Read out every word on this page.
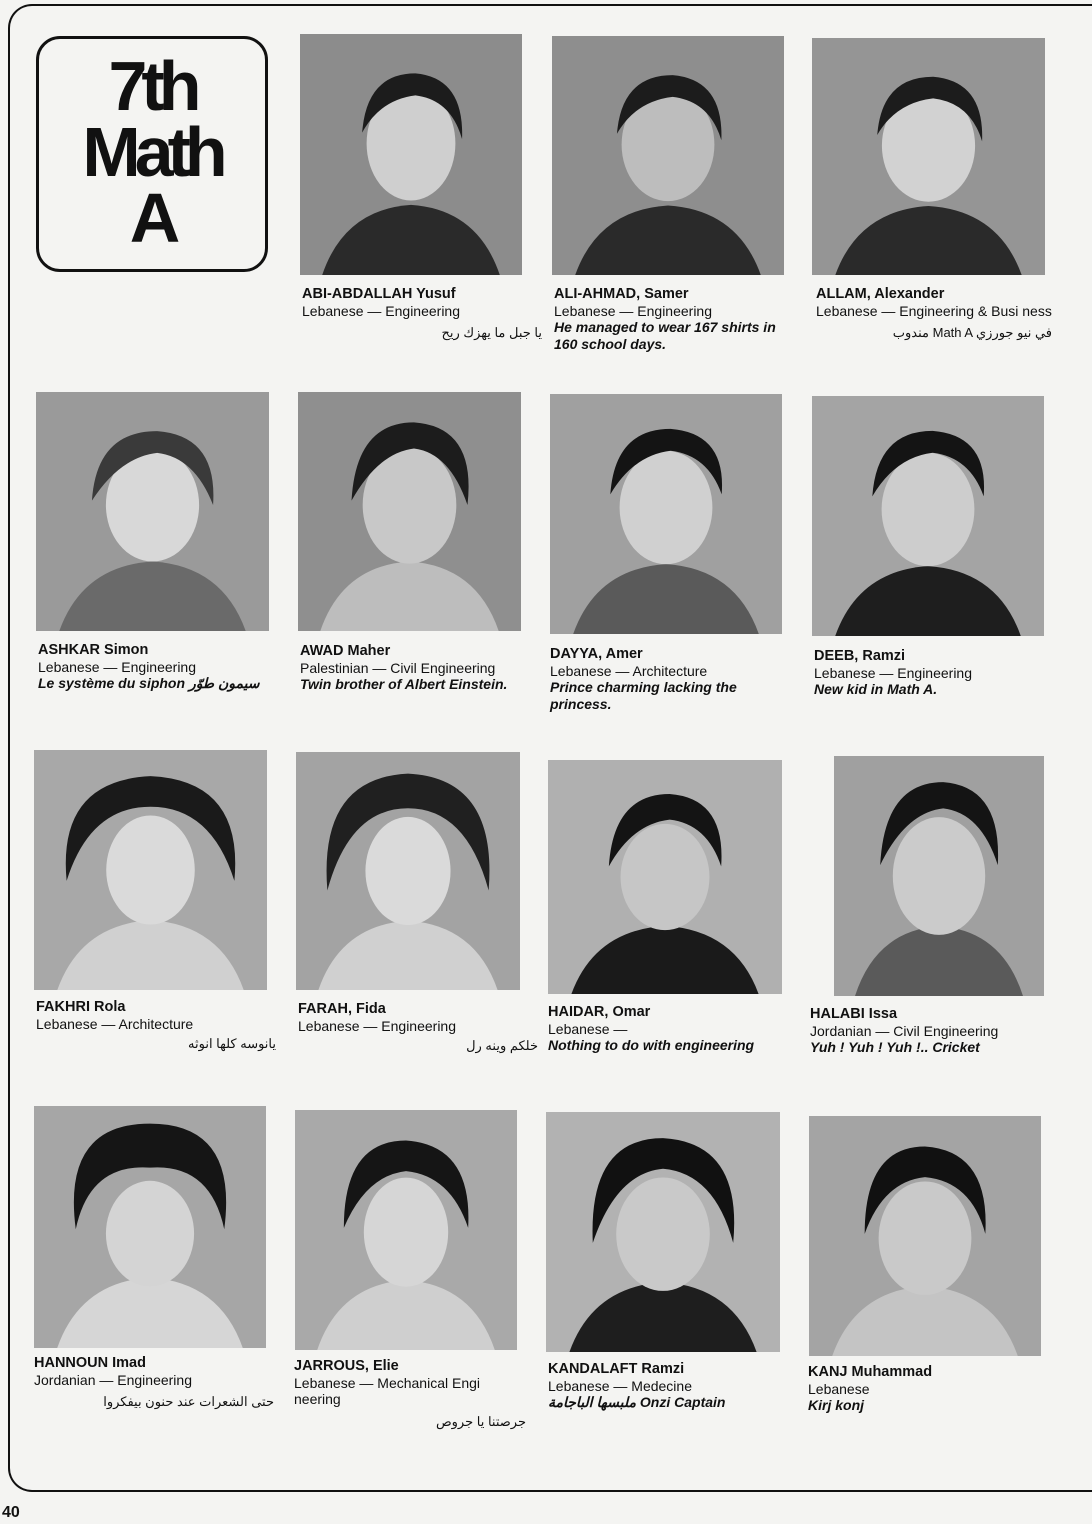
7th
Math
A
ABI-ABDALLAH Yusuf
Lebanese — Engineering
يا جبل ما يهزك ريح
ALI-AHMAD, Samer
Lebanese — Engineering
He managed to wear 167 shirts in 160 school days.
ALLAM, Alexander
Lebanese — Engineering & Busi ness
مندوب Math A في نيو جورزي
ASHKAR Simon
Lebanese — Engineering
Le système du siphon سيمون طوّر
AWAD Maher
Palestinian — Civil Engineering
Twin brother of Albert Einstein.
DAYYA, Amer
Lebanese — Architecture
Prince charming lacking the princess.
DEEB, Ramzi
Lebanese — Engineering
New kid in Math A.
FAKHRI Rola
Lebanese — Architecture
يانوسه كلها انوثه
FARAH, Fida
Lebanese — Engineering
خلكم وينه رل
HAIDAR, Omar
Lebanese —
Nothing to do with engineering
HALABI Issa
Jordanian — Civil Engineering
Yuh ! Yuh ! Yuh !.. Cricket
HANNOUN Imad
Jordanian — Engineering
حتى الشعرات عند حنون بيفكروا
JARROUS, Elie
Lebanese — Mechanical Engi neering
جرصتنا يا جروص
KANDALAFT Ramzi
Lebanese — Medecine
ملبسها الباجامة Onzi Captain
KANJ Muhammad
Lebanese
Kirj konj
40
